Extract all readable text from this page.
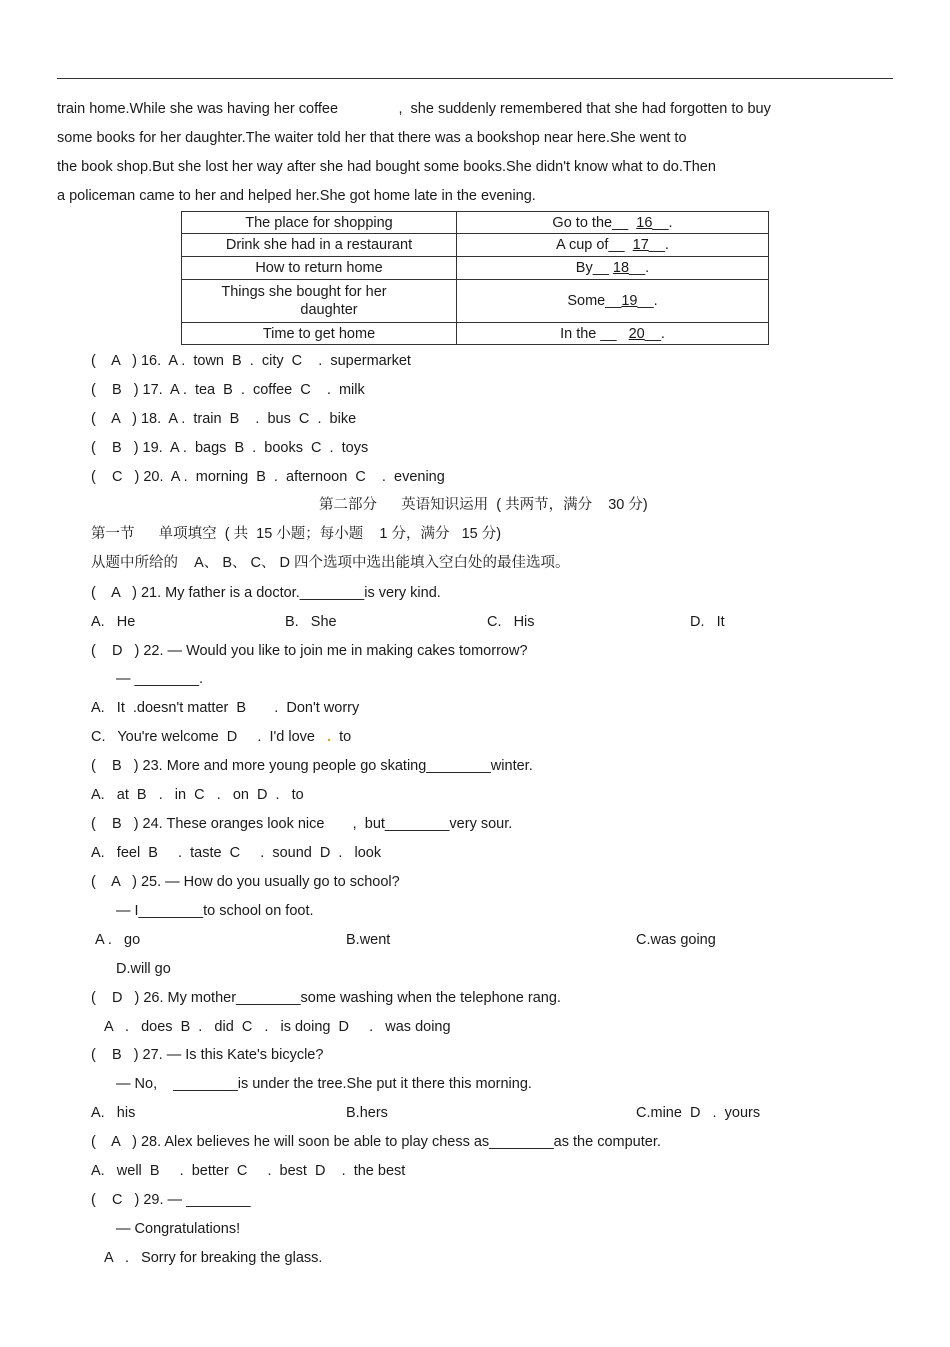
train home.While she was having her coffee               ,  she suddenly remembered that she had forgotten to buy
some books for her daughter.The waiter told her that there was a bookshop near here.She went to
the book shop.But she lost her way after she had bought some books.She didn't know what to do.Then
a policeman came to her and helped her.She got home late in the evening.
The place for shopping	Go to the__  16__.
Drink she had in a restaurant	A cup of__  17__.
How to return home	By__ 18__.

Things she bought for her
daughter	Some__19__.
Time to get home	In the __   20__.
(    A   ) 16.  A .  town  B  .  city  C    .  supermarket
(    B   ) 17.  A .  tea  B  .  coffee  C    .  milk
(    A   ) 18.  A .  train  B    .  bus  C  .  bike
(    B   ) 19.  A .  bags  B  .  books  C  .  toys
(    C   ) 20.  A .  morning  B  .  afternoon  C    .  evening
第二部分      英语知识运用  ( 共两节，满分    30 分)
第一节      单项填空  ( 共  15 小题；每小题    1 分，满分   15 分)
从题中所给的    A、 B、 C、 D 四个选项中选出能填入空白处的最佳选项。
(    A   ) 21. My father is a doctor.________is very kind.
A.   He	B.   She	C.   His	D.   It
(    D   ) 22. — Would you like to join me in making cakes tomorrow?
— ________.
A.   It  .doesn't matter  B       .  Don't worry
C.   You're welcome  D     .  I'd love . to
(    B   ) 23. More and more young people go skating________winter.
A.   at  B   .   in  C   .   on  D  .   to
(    B   ) 24. These oranges look nice       ,  but________very sour.
A.   feel  B     .  taste  C     .  sound  D  .   look
(    A   ) 25. — How do you usually go to school?
— I________to school on foot.
A .   go	B.went	C.was going
D.will go
(    D   ) 26. My mother________some washing when the telephone rang.
A   .   does  B  .   did  C   .   is doing  D     .   was doing
(    B   ) 27. — Is this Kate's bicycle?
— No,    ________is under the tree.She put it there this morning.
A.   his	B.hers	C.mine  D   .  yours
(    A   ) 28. Alex believes he will soon be able to play chess as________as the computer.
A.   well  B     .  better  C     .  best  D    .  the best
(    C   ) 29. — ________
— Congratulations!
A   .   Sorry for breaking the glass.
